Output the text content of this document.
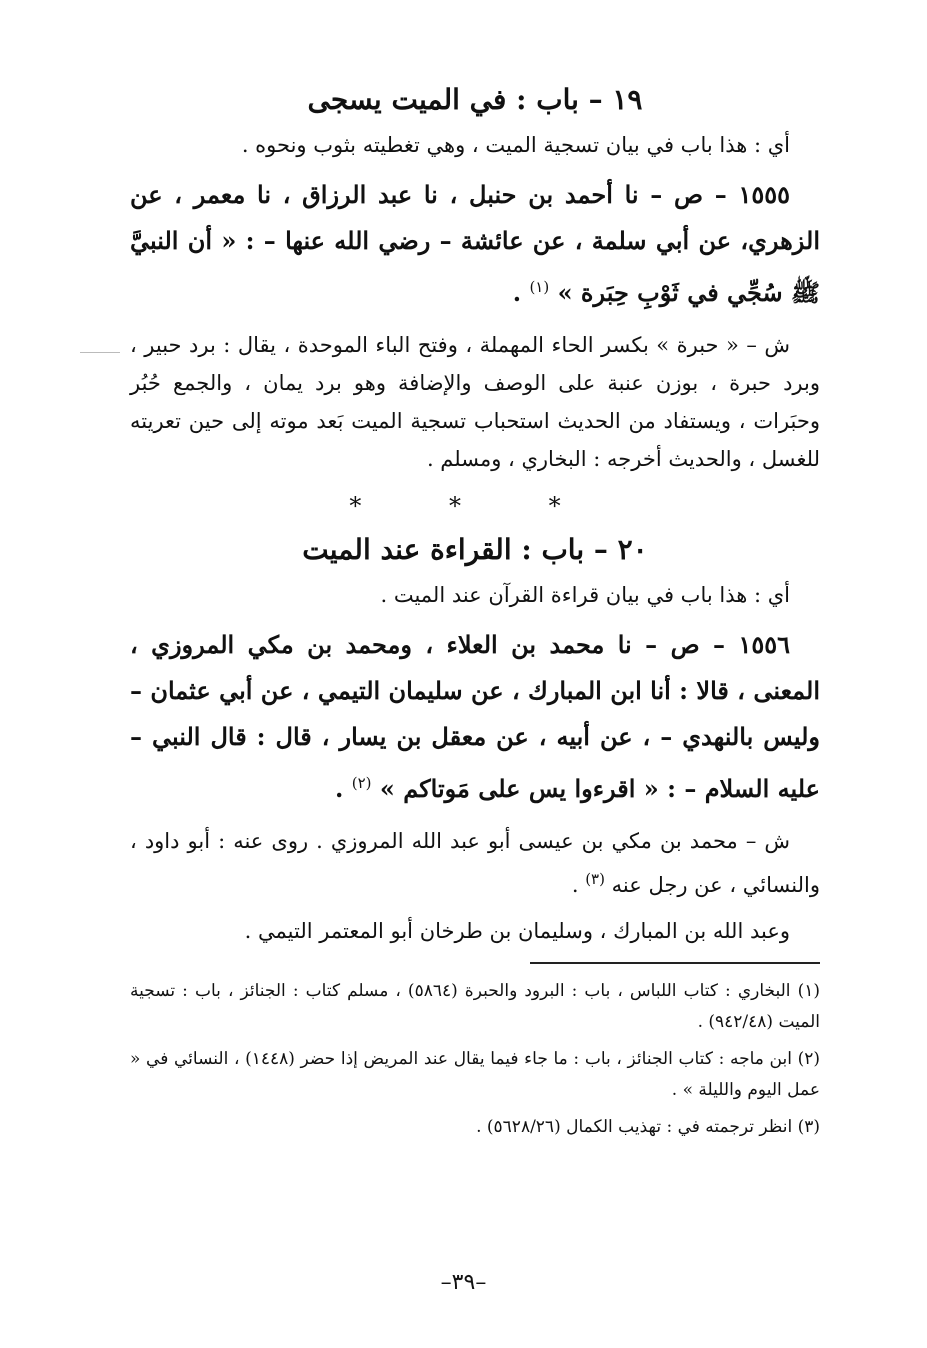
١٩ – باب : في الميت يسجى

أي : هذا باب في بيان تسجية الميت ، وهي تغطيته بثوب ونحوه .

١٥٥٥ – ص – نا أحمد بن حنبل ، نا عبد الرزاق ، نا معمر ، عن الزهري، عن أبي سلمة ، عن عائشة – رضي الله عنها – : « أن النبيَّ ﷺ سُجِّي في ثَوْبِ حِبَرة » $^{(١)}$ .

ش – « حبرة » بكسر الحاء المهملة ، وفتح الباء الموحدة ، يقال : برد حبير ، وبرد حبرة ، بوزن عنبة على الوصف والإضافة وهو برد يمان ، والجمع حُبُر وحبَرات ، ويستفاد من الحديث استحباب تسجية الميت بَعد موته إلى حين تعريته للغسل ، والحديث أخرجه : البخاري ، ومسلم .

* * *
٢٠ – باب : القراءة عند الميت

أي : هذا باب في بيان قراءة القرآن عند الميت .

١٥٥٦ – ص – نا محمد بن العلاء ، ومحمد بن مكي المروزي ، المعنى ، قالا : أنا ابن المبارك ، عن سليمان التيمي ، عن أبي عثمان – وليس بالنهدي – ، عن أبيه ، عن معقل بن يسار ، قال : قال النبي – عليه السلام – : « اقرءوا يس على مَوتاكم » $^{(٢)}$ .

ش – محمد بن مكي بن عيسى أبو عبد الله المروزي . روى عنه : أبو داود ، والنسائي ، عن رجل عنه $^{(٣)}$ .

وعبد الله بن المبارك ، وسليمان بن طرخان أبو المعتمر التيمي .

(١) البخاري : كتاب اللباس ، باب : البرود والحبرة (٥٨٦٤) ، مسلم كتاب : الجنائز ، باب : تسجية الميت (٩٤٢/٤٨) .

(٢) ابن ماجه : كتاب الجنائز ، باب : ما جاء فيما يقال عند المريض إذا حضر (١٤٤٨) ، النسائي في « عمل اليوم والليلة » .

(٣) انظر ترجمته في : تهذيب الكمال (٥٦٢٨/٢٦) .

–٣٩–
